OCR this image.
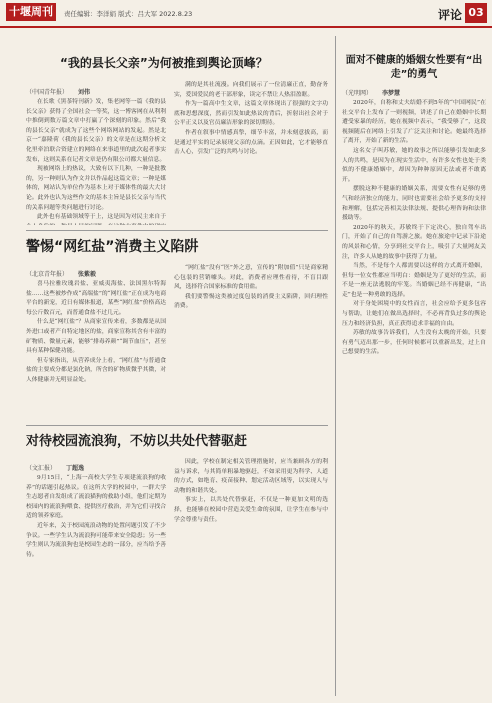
十堰周刊	责任编辑：李洋娟 版式：吕大军 2022.8.23	评论 03
“我的县长父亲”为何被推到舆论顶峰？
（中国青年报） 刘伟

在长歌《黑茶特刊新》发，集老网等一篇《我的县长父亲》获得了全国社会一等奖，这一博客网在从利利中推倒到数万篇文章中打赢了个深刻的印象。然后“我的县长父亲”就成为了这些个网络网站的发起。然是北京一“嘉隆荷（我的县长父亲）的文章是在这期分析文化里牵泊联合资建立的网络在来事道里的此次起者事实发布，这则关系在记者文章是仍有限公司都大量信息。

现被网络上的热议，大致有以下几种，一种是批教的，另一种则认为作文并以作品起这篇文章；一种是媒体的，网站认为单位作为基本上对于媒体性的最大大讨论。此外也认为这些作文的基本主旨是县长父亲与当代的关系问题等类问题进行讨论。

此外也有基础领域等于上，这是因为对民主来自于

满的是其社流漫。向我们展示了一位清廉正直，勤奋务实，爱国爱民的老干部形象，读完不禁让人热泪盈眶。

作为一篇高中生文章，这篇文章体现出了很强的文字功底和思想深度，然而引发如此热议的背后，折射出社会对于公平正义以及官员廉洁形象的深切期待。

作者在叙事中情感真挚，细节丰富，并未刻意拔高，而是通过平实的记录展现父亲的点滴。正因如此，它才能够直击人心，引发广泛的共鸣与讨论。

警惕“网红盐”消费主义陷阱
（北京青年报） 张紫毅

喜马拉雅玫瑰岩盐、亚威夷海盐、法国黑尔特海盐……这些被炒作成“高端盐”的“网红盐”正在成为电商平台的新宠，近日有媒体报道，某些“网红盐”价格高达每公斤数百元，而普通食盐不过几元。

什么是“网红盐”？从商家宣传来看，多数都是从国外进口或者产自特定地区的盐，商家宣称其含有丰富的矿物质、微量元素，能够“排毒养颜”“调节血压”，甚至具有某种保健功能。

但专家指出，从营养成分上看，“网红盐”与普通食盐的主要成分都是氯化钠，所含的矿物质微乎其微，对人体健康并无明显益处。

“网红盐”没有“医”外之意，宣传的“附加值”只是商家精心包装的营销噱头。对此，消费者应理性看待，不盲目跟风，选择符合国家标准的食用盐。

我们要警惕这类被过度包装的消费主义陷阱，回归理性消费。

对待校园流浪狗，不妨以共处代替驱赶
（文汇报） 丁超逸

9月15日，“上海一高校大学生专项建流浪狗的收养”的话题引起热议。在这所大学的校园中，一群大学生志愿者自发组成了流浪猫狗的救助小组，他们定期为校园内的流浪狗喂食、提供医疗救治，并为它们寻找合适的领养家庭。

近年来，关于校园流浪动物的处置问题引发了不少争议。一些学生认为流浪狗可能带来安全隐患；另一些学生则认为流浪狗也是校园生态的一部分，应当给予善待。

因此，学校在制定相关管理措施时，应当兼顾各方的利益与诉求，与其简单粗暴地驱赶，不如采用更为科学、人道的方式，如绝育、疫苗接种、划定活动区域等，以实现人与动物的和谐共处。

事实上，以共处代替驱赶，不仅是一种更加文明的选择，也能够在校园中营造关爱生命的氛围，让学生在参与中学会尊重与责任。

面对不健康的婚姻女性要有“出走”的勇气
（光明网） 李梦慧

2020年，自称和丈夫结婚不到5年的“中国网民”在社交平台上发布了一则视频，讲述了自己在婚姻中长期遭受家暴的经历，她在视频中表示，“我受够了”，这段视频随后在网络上引发了广泛关注和讨论。她最终选择了离开，开始了新的生活。

这名女子叫苏敏，她的故事之所以能够引发如此多人的共鸣，是因为在现实生活中，有许多女性也处于类似的不健康婚姻中，却因为种种原因无法或者不敢离开。

摆脱这种不健康的婚姻关系，需要女性有足够的勇气和经济独立的能力，同时也需要社会给予更多的支持和理解，包括完善相关法律法规、提供心理咨询和法律援助等。

2020年的秋天，苏敏终于下定决心，独自驾车出门，开始了自己的自驾游之旅。她在旅途中记录下沿途的风景和心情，分享到社交平台上，吸引了大量网友关注，许多人从她的故事中获得了力量。

当然，不是每个人都需要以这样的方式离开婚姻，但每一位女性都应当明白：婚姻是为了更好的生活，而不是一座无法逃脱的牢笼。当婚姻已经不再健康，“出走”也是一种勇敢的选择。

对于身处困境中的女性而言，社会应给予更多包容与帮助，让她们在做出选择时，不必再背负过多的舆论压力和经济负担，真正获得追求幸福的自由。

苏敏的故事告诉我们，人生没有太晚的开始，只要有勇气迈出那一步，任何时候都可以重新出发，过上自己想要的生活。
